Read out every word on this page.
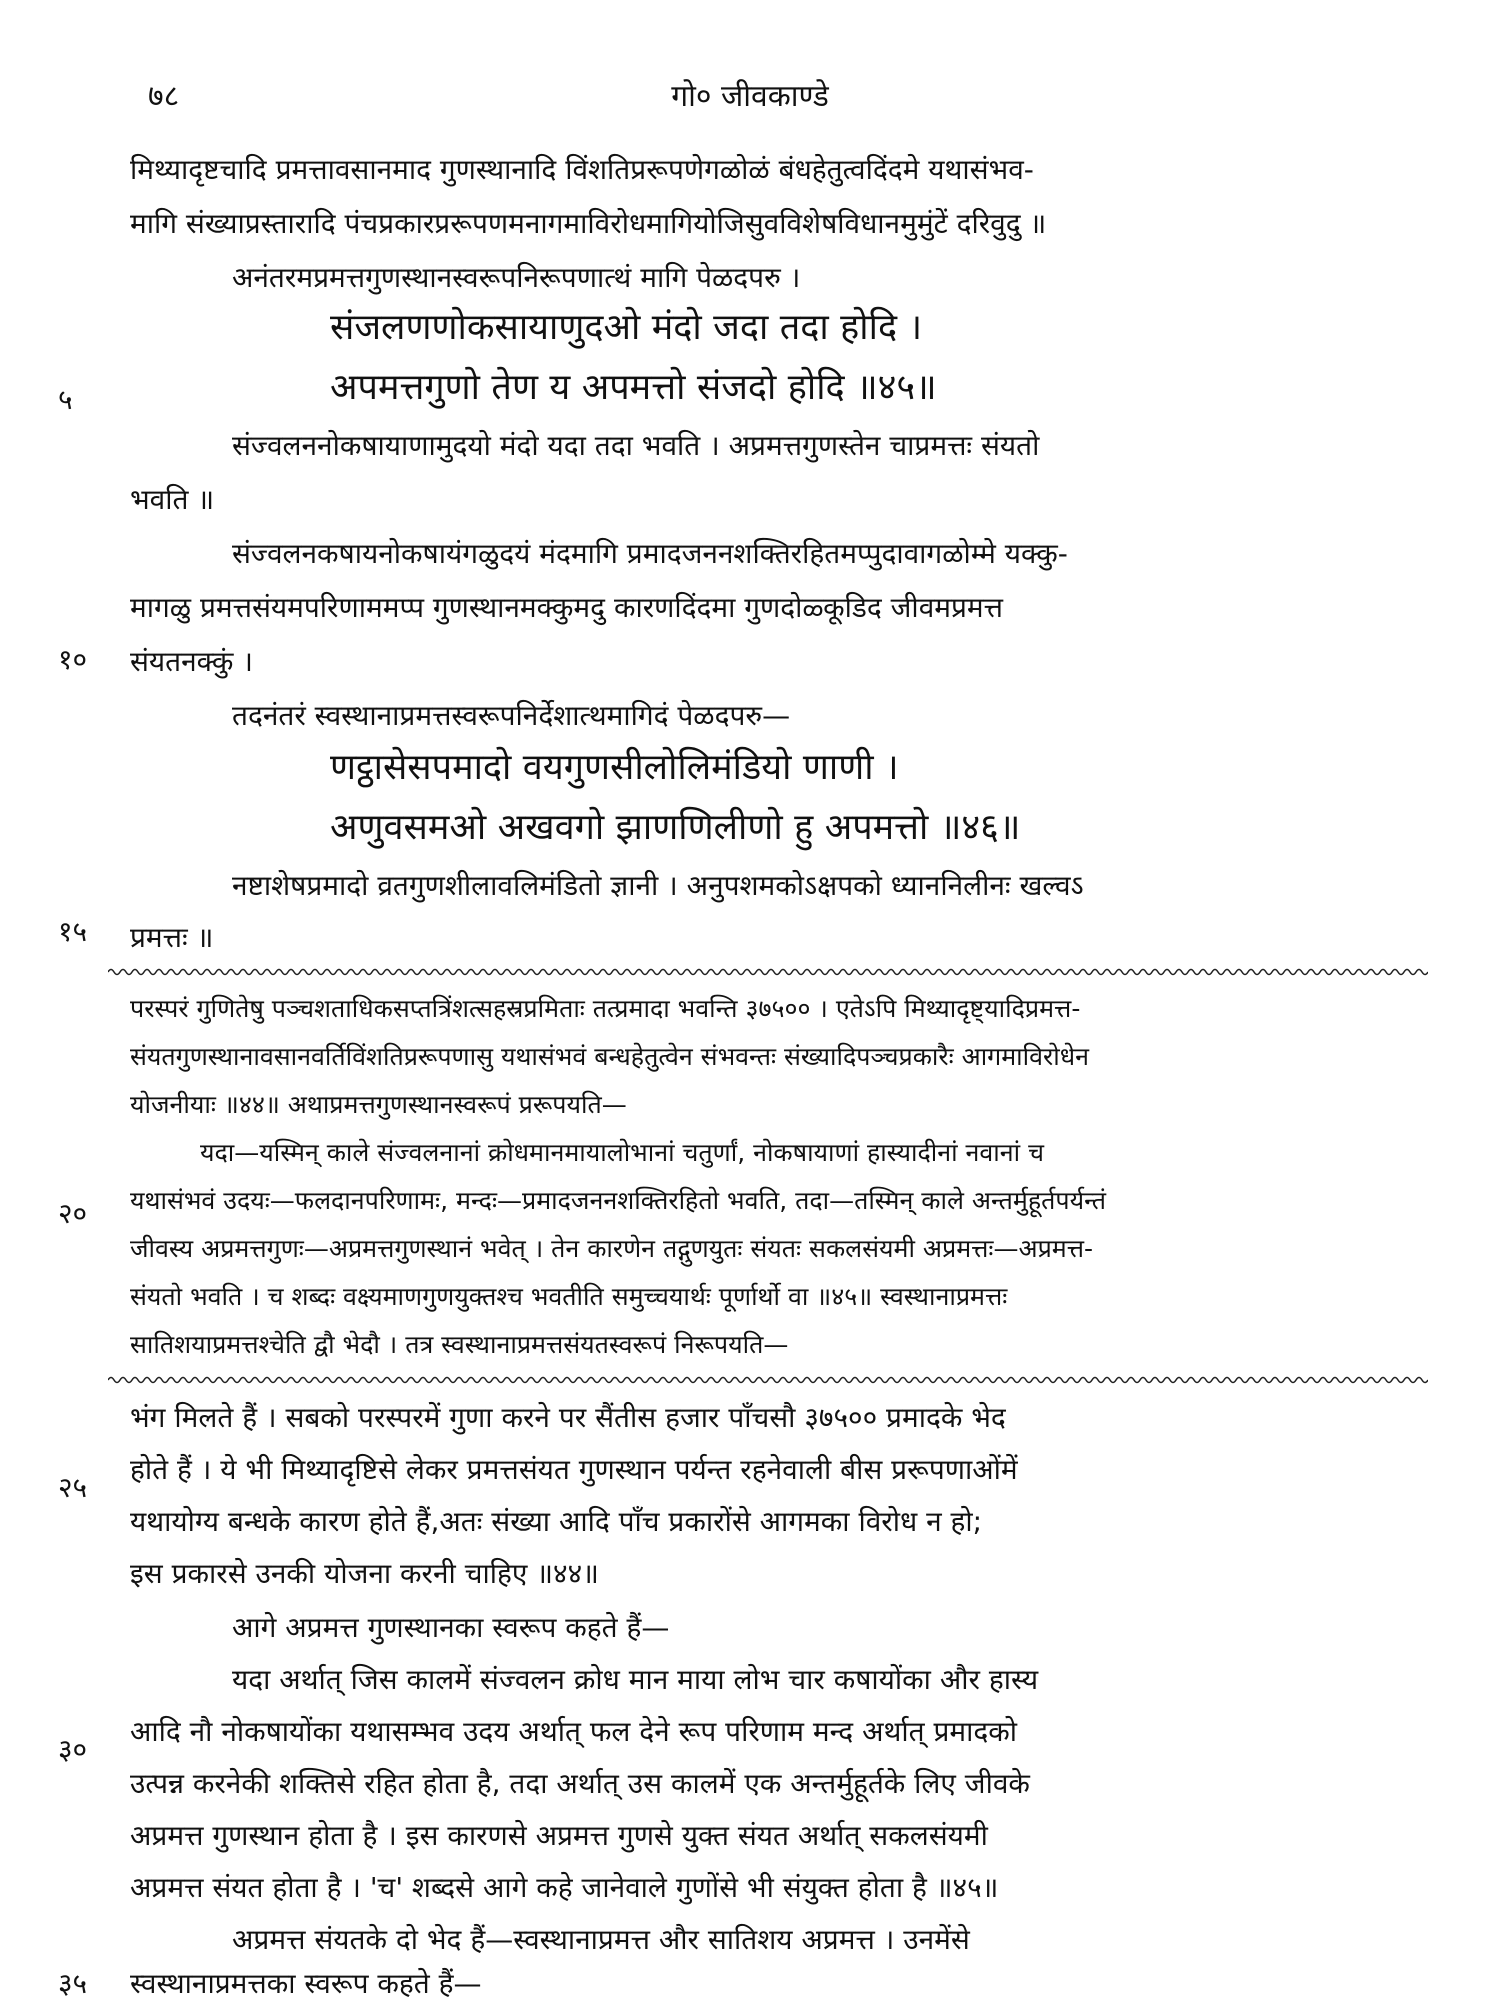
७८	गो० जीवकाण्डे
मिथ्यादृष्टचादि प्रमत्तावसानमाद गुणस्थानादि विंशतिप्ररूपणेगळोळं बंधहेतुत्वदिंदमे यथासंभव-
मागि संख्याप्रस्तारादि पंचप्रकारप्ररूपणमनागमाविरोधमागियोजिसुवविशेषविधानमुमुंटें दरिवुदु ॥
अनंतरमप्रमत्तगुणस्थानस्वरूपनिरूपणात्थं मागि पेळदपरु ।
संजलणणोकसायाणुदओ मंदो जदा तदा होदि ।
अपमत्तगुणो तेण य अपमत्तो संजदो होदि ॥४५॥
संज्वलननोकषायाणामुदयो मंदो यदा तदा भवति । अप्रमत्तगुणस्तेन चाप्रमत्तः संयतो
भवति ॥
संज्वलनकषायनोकषायंगळुदयं मंदमागि प्रमादजननशक्तिरहितमप्पुदावागळोम्मे यक्कु-
मागळु प्रमत्तसंयमपरिणाममप्प गुणस्थानमक्कुमदु कारणदिंदमा गुणदोळ्कूडिद जीवमप्रमत्त
संयतनक्कुं ।
तदनंतरं स्वस्थानाप्रमत्तस्वरूपनिर्देशात्थमागिदं पेळदपरु—
णट्ठासेसपमादो वयगुणसीलोलिमंडियो णाणी ।
अणुवसमओ अखवगो झाणणिलीणो हु अपमत्तो ॥४६॥
नष्टाशेषप्रमादो व्रतगुणशीलावलिमंडितो ज्ञानी । अनुपशमकोऽक्षपको ध्याननिलीनः खल्वऽ
प्रमत्तः ॥
परस्परं गुणितेषु पञ्चशताधिकसप्तत्रिंशत्सहस्रप्रमिताः तत्प्रमादा भवन्ति ३७५०० । एतेऽपि मिथ्यादृष्ट्यादिप्रमत्त-
संयतगुणस्थानावसानवर्तिविंशतिप्ररूपणासु यथासंभवं बन्धहेतुत्वेन संभवन्तः संख्यादिपञ्चप्रकारैः आगमाविरोधेन
योजनीयाः ॥४४॥ अथाप्रमत्तगुणस्थानस्वरूपं प्ररूपयति—
यदा—यस्मिन् काले संज्वलनानां क्रोधमानमायालोभानां चतुर्णां, नोकषायाणां हास्यादीनां नवानां च
यथासंभवं उदयः—फलदानपरिणामः, मन्दः—प्रमादजननशक्तिरहितो भवति, तदा—तस्मिन् काले अन्तर्मुहूर्तपर्यन्तं
जीवस्य अप्रमत्तगुणः—अप्रमत्तगुणस्थानं भवेत् । तेन कारणेन तद्गुणयुतः संयतः सकलसंयमी अप्रमत्तः—अप्रमत्त-
संयतो भवति । च शब्दः वक्ष्यमाणगुणयुक्तश्च भवतीति समुच्चयार्थः पूर्णार्थो वा ॥४५॥ स्वस्थानाप्रमत्तः
सातिशयाप्रमत्तश्चेति द्वौ भेदौ । तत्र स्वस्थानाप्रमत्तसंयतस्वरूपं निरूपयति—
भंग मिलते हैं । सबको परस्परमें गुणा करने पर सैंतीस हजार पाँचसौ ३७५०० प्रमादके भेद
होते हैं । ये भी मिथ्यादृष्टिसे लेकर प्रमत्तसंयत गुणस्थान पर्यन्त रहनेवाली बीस प्ररूपणाओंमें
यथायोग्य बन्धके कारण होते हैं,अतः संख्या आदि पाँच प्रकारोंसे आगमका विरोध न हो;
इस प्रकारसे उनकी योजना करनी चाहिए ॥४४॥
आगे अप्रमत्त गुणस्थानका स्वरूप कहते हैं—
यदा अर्थात् जिस कालमें संज्वलन क्रोध मान माया लोभ चार कषायोंका और हास्य
आदि नौ नोकषायोंका यथासम्भव उदय अर्थात् फल देने रूप परिणाम मन्द अर्थात् प्रमादको
उत्पन्न करनेकी शक्तिसे रहित होता है, तदा अर्थात् उस कालमें एक अन्तर्मुहूर्तके लिए जीवके
अप्रमत्त गुणस्थान होता है । इस कारणसे अप्रमत्त गुणसे युक्त संयत अर्थात् सकलसंयमी
अप्रमत्त संयत होता है । 'च' शब्दसे आगे कहे जानेवाले गुणोंसे भी संयुक्त होता है ॥४५॥
अप्रमत्त संयतके दो भेद हैं—स्वस्थानाप्रमत्त और सातिशय अप्रमत्त । उनमेंसे
स्वस्थानाप्रमत्तका स्वरूप कहते हैं—
५
१०
१५
२०
२५
३०
३५
